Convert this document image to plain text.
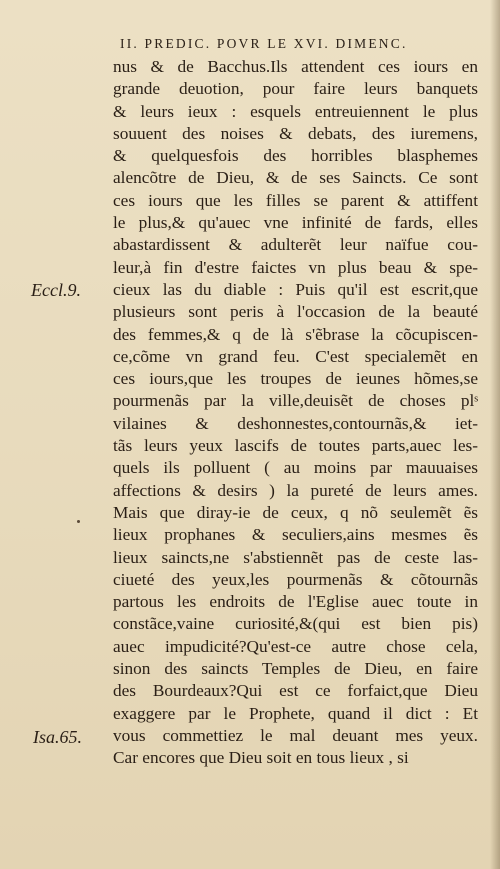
II. PREDIC. POVR LE XVI. DIMENC.
nus & de Bacchus.Ils attendent ces iours en
grande deuotion, pour faire leurs banquets
& leurs ieux : esquels entreuiennent le plus
souuent des noises & debats, des iuremens,
& quelquesfois des horribles blasphemes
alencõtre de Dieu, & de ses Saincts. Ce sont
ces iours que les filles se parent & attiffent
le plus,& qu'auec vne infinité de fards, elles
abastardissent & adulterẽt leur naïfue cou-
leur,à fin d'estre faictes vn plus beau & spe-
cieux las du diable : Puis qu'il est escrit,que
plusieurs sont peris à l'occasion de la beauté
des femmes,& q de là s'ẽbrase la cõcupiscen-
ce,cõme vn grand feu. C'est specialemẽt en
ces iours,que les troupes de ieunes hõmes,se
pourmenãs par la ville,deuisẽt de choses plˢ
vilaines & deshonnestes,contournãs,& iet-
tãs leurs yeux lascifs de toutes parts,auec les-
quels ils polluent ( au moins par mauuaises
affections & desirs ) la pureté de leurs ames.
Mais que diray-ie de ceux, q nõ seulemẽt ẽs
lieux prophanes & seculiers,ains mesmes ẽs
lieux saincts,ne s'abstiennẽt pas de ceste las-
ciueté des yeux,les pourmenãs & cõtournãs
partous les endroits de l'Eglise auec toute in
constãce,vaine curiosité,&(qui est bien pis)
auec impudicité?Qu'est-ce autre chose cela,
sinon des saincts Temples de Dieu, en faire
des Bourdeaux?Qui est ce forfaict,que Dieu
exaggere par le Prophete, quand il dict : Et
vous commettiez le mal deuant mes yeux.
Car encores que Dieu soit en tous lieux , si
Eccl.9.
Isa.65.
